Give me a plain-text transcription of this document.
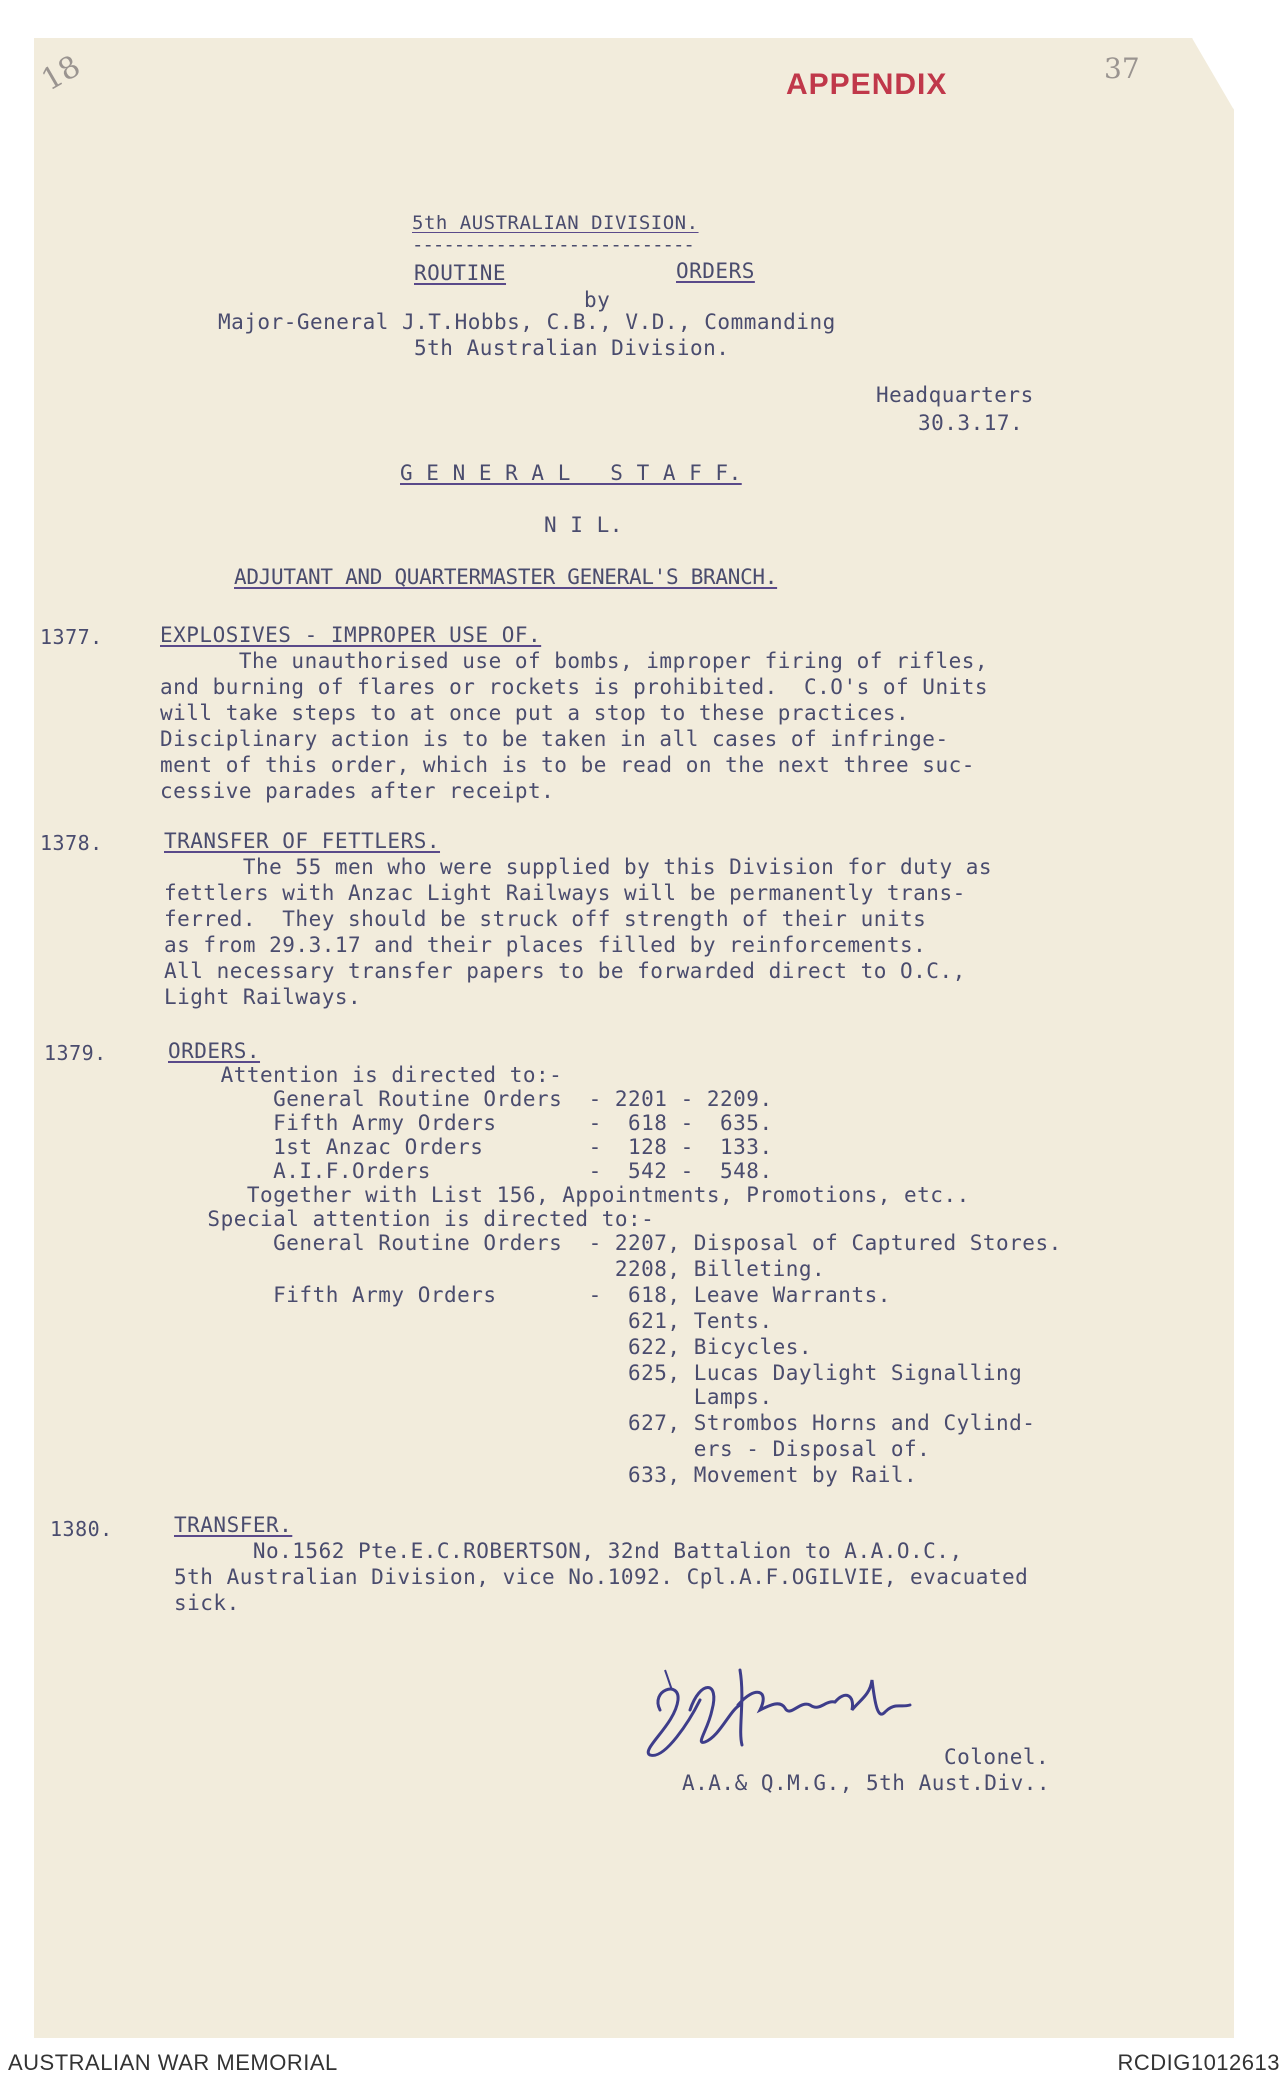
18	37
APPENDIX
5th AUSTRALIAN DIVISION.
---------------------------
ROUTINE	ORDERS
by
Major-General J.T.Hobbs, C.B., V.D., Commanding
5th Australian Division.
Headquarters
30.3.17.
G E N E R A L   S T A F F.
N I L.
ADJUTANT AND QUARTERMASTER GENERAL'S BRANCH.
1377.	EXPLOSIVES - IMPROPER USE OF.
The unauthorised use of bombs, improper firing of rifles,
and burning of flares or rockets is prohibited.  C.O's of Units
will take steps to at once put a stop to these practices.
Disciplinary action is to be taken in all cases of infringe-
ment of this order, which is to be read on the next three suc-
cessive parades after receipt.
1378.	TRANSFER OF FETTLERS.
The 55 men who were supplied by this Division for duty as
fettlers with Anzac Light Railways will be permanently trans-
ferred.  They should be struck off strength of their units
as from 29.3.17 and their places filled by reinforcements.
All necessary transfer papers to be forwarded direct to O.C.,
Light Railways.
1379.	ORDERS.
Attention is directed to:-
General Routine Orders  - 2201 - 2209.
Fifth Army Orders       -  618 -  635.
1st Anzac Orders        -  128 -  133.
A.I.F.Orders            -  542 -  548.
Together with List 156, Appointments, Promotions, etc..
Special attention is directed to:-
General Routine Orders  - 2207, Disposal of Captured Stores.
2208, Billeting.
Fifth Army Orders       -  618, Leave Warrants.
621, Tents.
622, Bicycles.
625, Lucas Daylight Signalling
Lamps.
627, Strombos Horns and Cylind-
ers - Disposal of.
633, Movement by Rail.
1380.	TRANSFER.
No.1562 Pte.E.C.ROBERTSON, 32nd Battalion to A.A.O.C.,
5th Australian Division, vice No.1092. Cpl.A.F.OGILVIE, evacuated
sick.
Colonel.
A.A.& Q.M.G., 5th Aust.Div..
AUSTRALIAN WAR MEMORIAL	RCDIG1012613
